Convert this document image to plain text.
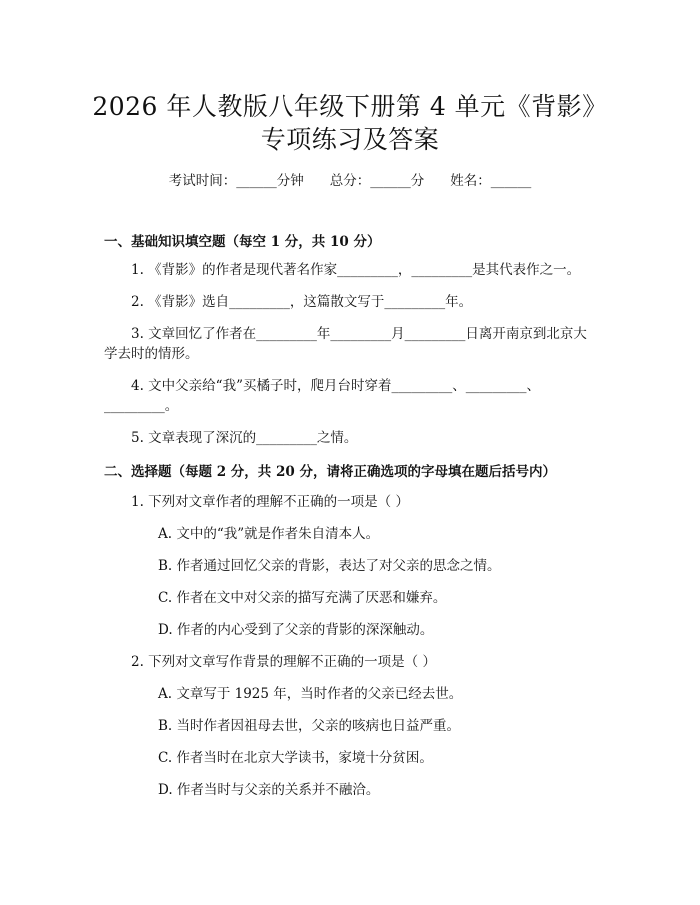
2026 年人教版八年级下册第 4 单元《背影》
专项练习及答案
考试时间：______分钟 总分：______分 姓名：______
一、基础知识填空题（每空 1 分，共 10 分）
1. 《背影》的作者是现代著名作家_________，_________是其代表作之一。
2. 《背影》选自_________，这篇散文写于_________年。
3. 文章回忆了作者在_________年_________月_________日离开南京到北京大
学去时的情形。
4. 文中父亲给“我”买橘子时，爬月台时穿着_________、_________、
_________。
5. 文章表现了深沉的_________之情。
二、选择题（每题 2 分，共 20 分，请将正确选项的字母填在题后括号内）
1. 下列对文章作者的理解不正确的一项是（ ）
A. 文中的“我”就是作者朱自清本人。
B. 作者通过回忆父亲的背影，表达了对父亲的思念之情。
C. 作者在文中对父亲的描写充满了厌恶和嫌弃。
D. 作者的内心受到了父亲的背影的深深触动。
2. 下列对文章写作背景的理解不正确的一项是（ ）
A. 文章写于 1925 年，当时作者的父亲已经去世。
B. 当时作者因祖母去世，父亲的咳病也日益严重。
C. 作者当时在北京大学读书，家境十分贫困。
D. 作者当时与父亲的关系并不融洽。
